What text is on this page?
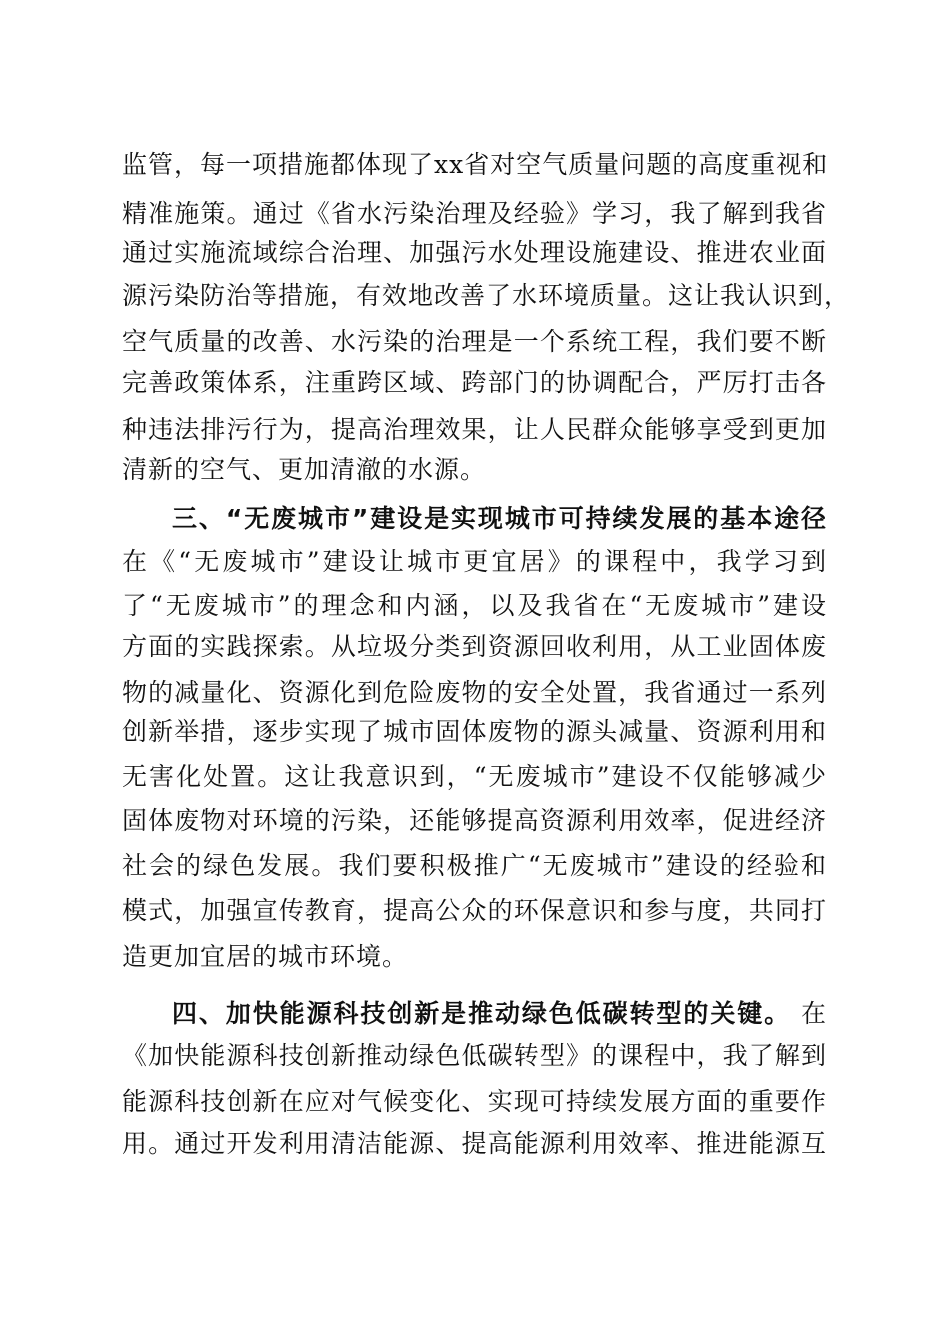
监管，每一项措施都体现了xx省对空气质量问题的高度重视和
精准施策。通过《省水污染治理及经验》学习，我了解到我省
通过实施流域综合治理、加强污水处理设施建设、推进农业面
源污染防治等措施，有效地改善了水环境质量。这让我认识到，
空气质量的改善、水污染的治理是一个系统工程，我们要不断
完善政策体系，注重跨区域、跨部门的协调配合，严厉打击各
种违法排污行为，提高治理效果，让人民群众能够享受到更加
清新的空气、更加清澈的水源。
三、“无废城市”建设是实现城市可持续发展的基本途径
在《“无废城市”建设让城市更宜居》的课程中，我学习到
了“无废城市”的理念和内涵，以及我省在“无废城市”建设
方面的实践探索。从垃圾分类到资源回收利用，从工业固体废
物的减量化、资源化到危险废物的安全处置，我省通过一系列
创新举措，逐步实现了城市固体废物的源头减量、资源利用和
无害化处置。这让我意识到，“无废城市”建设不仅能够减少
固体废物对环境的污染，还能够提高资源利用效率，促进经济
社会的绿色发展。我们要积极推广“无废城市”建设的经验和
模式，加强宣传教育，提高公众的环保意识和参与度，共同打
造更加宜居的城市环境。
四、加快能源科技创新是推动绿色低碳转型的关键。 在
《加快能源科技创新推动绿色低碳转型》的课程中，我了解到
能源科技创新在应对气候变化、实现可持续发展方面的重要作
用。通过开发利用清洁能源、提高能源利用效率、推进能源互
